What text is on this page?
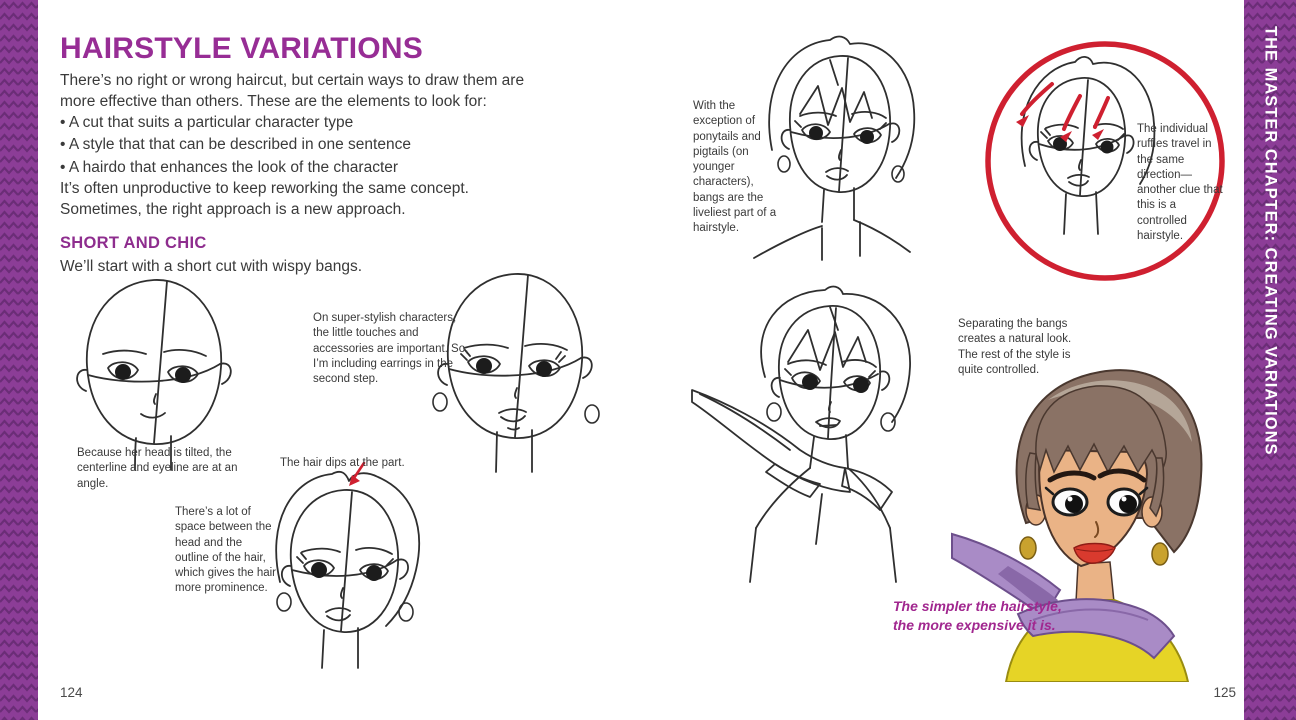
THE MASTER CHAPTER: CREATING VARIATIONS
HAIRSTYLE VARIATIONS
There’s no right or wrong haircut, but certain ways to draw them are more effective than others. These are the elements to look for:
• A cut that suits a particular character type
• A style that that can be described in one sentence
• A hairdo that enhances the look of the character
It’s often unproductive to keep reworking the same concept. Sometimes, the right approach is a new approach.
SHORT AND CHIC
We’ll start with a short cut with wispy bangs.
Because her head is tilted, the centerline and eyeline are at an angle.
There’s a lot of space between the head and the outline of the hair, which gives the hair more prominence.
On super-stylish characters, the little touches and accessories are important. So, I’m including earrings in the second step.
The hair dips at the part.
124
With the exception of ponytails and pigtails (on younger characters), bangs are the liveliest part of a hairstyle.
The individual ruffles travel in the same direction—another clue that this is a controlled hairstyle.
Separating the bangs creates a natural look. The rest of the style is quite controlled.
The simpler the hairstyle, the more expensive it is.
125
